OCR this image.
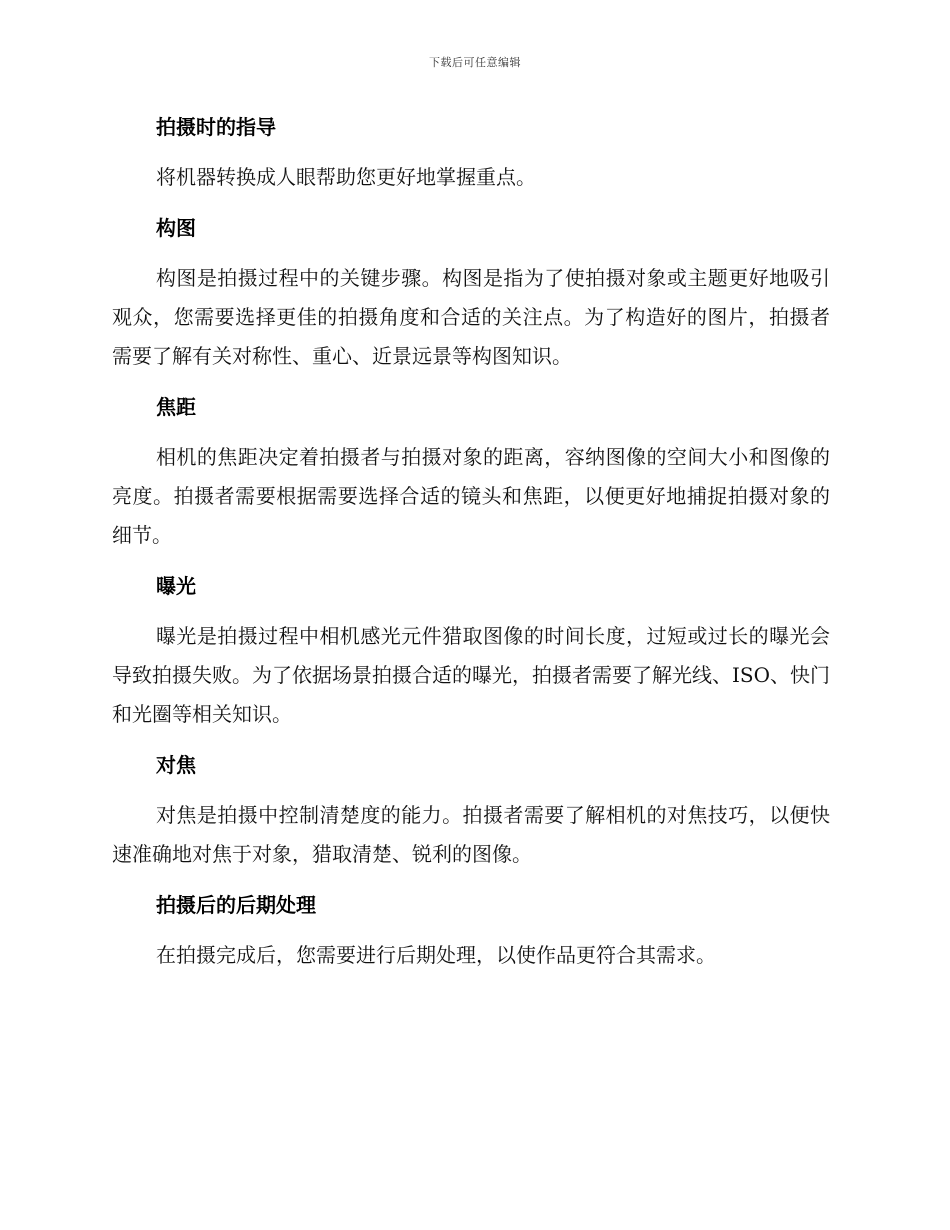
下载后可任意编辑
拍摄时的指导
将机器转换成人眼帮助您更好地掌握重点。
构图
构图是拍摄过程中的关键步骤。构图是指为了使拍摄对象或主题更好地吸引观众，您需要选择更佳的拍摄角度和合适的关注点。为了构造好的图片，拍摄者需要了解有关对称性、重心、近景远景等构图知识。
焦距
相机的焦距决定着拍摄者与拍摄对象的距离，容纳图像的空间大小和图像的亮度。拍摄者需要根据需要选择合适的镜头和焦距，以便更好地捕捉拍摄对象的细节。
曝光
曝光是拍摄过程中相机感光元件猎取图像的时间长度，过短或过长的曝光会导致拍摄失败。为了依据场景拍摄合适的曝光，拍摄者需要了解光线、ISO、快门和光圈等相关知识。
对焦
对焦是拍摄中控制清楚度的能力。拍摄者需要了解相机的对焦技巧，以便快速准确地对焦于对象，猎取清楚、锐利的图像。
拍摄后的后期处理
在拍摄完成后，您需要进行后期处理，以使作品更符合其需求。
